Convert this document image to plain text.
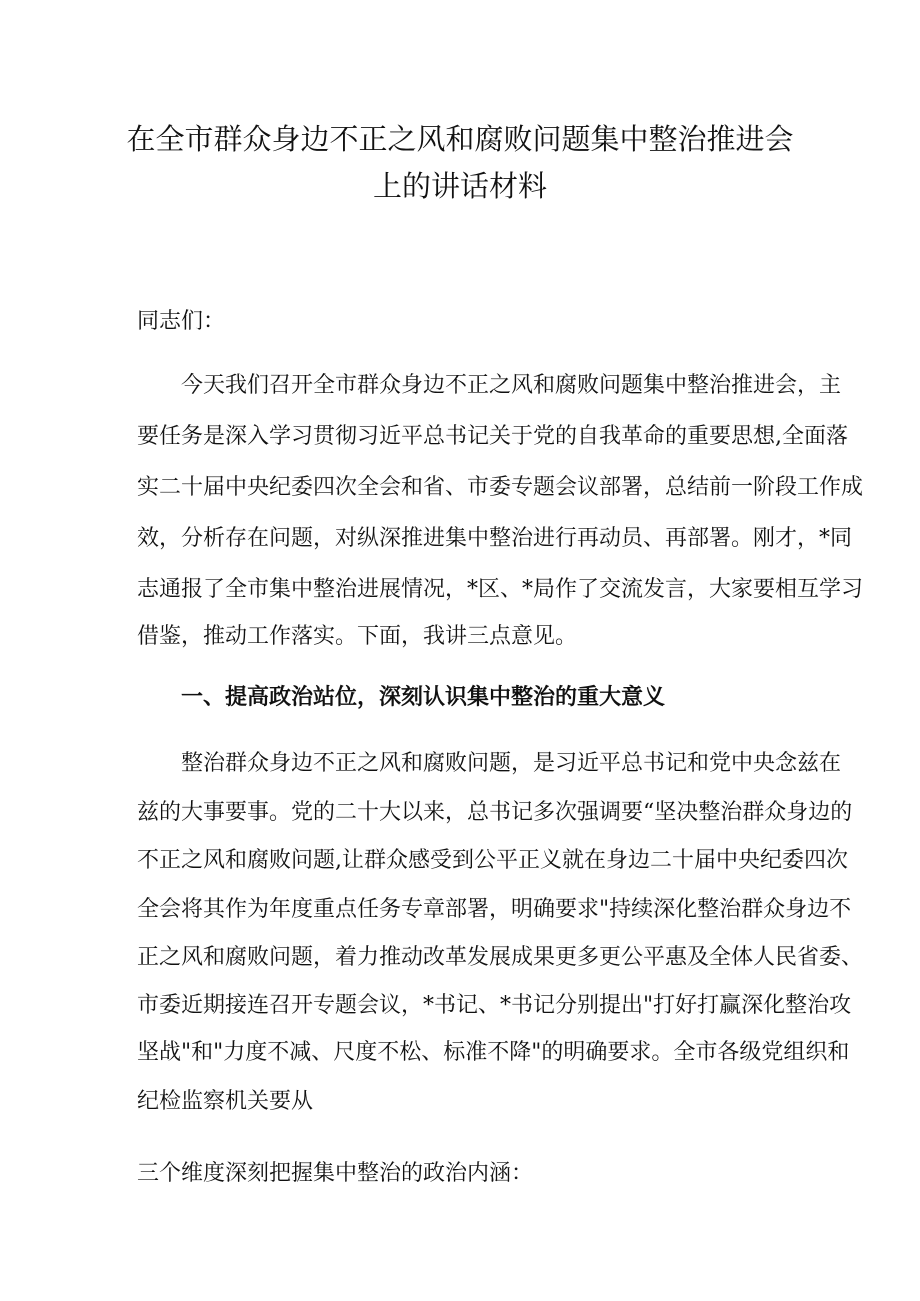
在全市群众身边不正之风和腐败问题集中整治推进会
上的讲话材料

同志们：

今天我们召开全市群众身边不正之风和腐败问题集中整治推进会，主

要任务是深入学习贯彻习近平总书记关于党的自我革命的重要思想,全面落

实二十届中央纪委四次全会和省、市委专题会议部署，总结前一阶段工作成

效，分析存在问题，对纵深推进集中整治进行再动员、再部署。刚才，*同

志通报了全市集中整治进展情况，*区、*局作了交流发言，大家要相互学习

借鉴，推动工作落实。下面，我讲三点意见。

一、提高政治站位，深刻认识集中整治的重大意义

整治群众身边不正之风和腐败问题，是习近平总书记和党中央念兹在

兹的大事要事。党的二十大以来，总书记多次强调要“坚决整治群众身边的

不正之风和腐败问题,让群众感受到公平正义就在身边二十届中央纪委四次

全会将其作为年度重点任务专章部署，明确要求"持续深化整治群众身边不

正之风和腐败问题，着力推动改革发展成果更多更公平惠及全体人民省委、

市委近期接连召开专题会议，*书记、*书记分别提出"打好打赢深化整治攻

坚战"和"力度不减、尺度不松、标准不降"的明确要求。全市各级党组织和

纪检监察机关要从

三个维度深刻把握集中整治的政治内涵：
